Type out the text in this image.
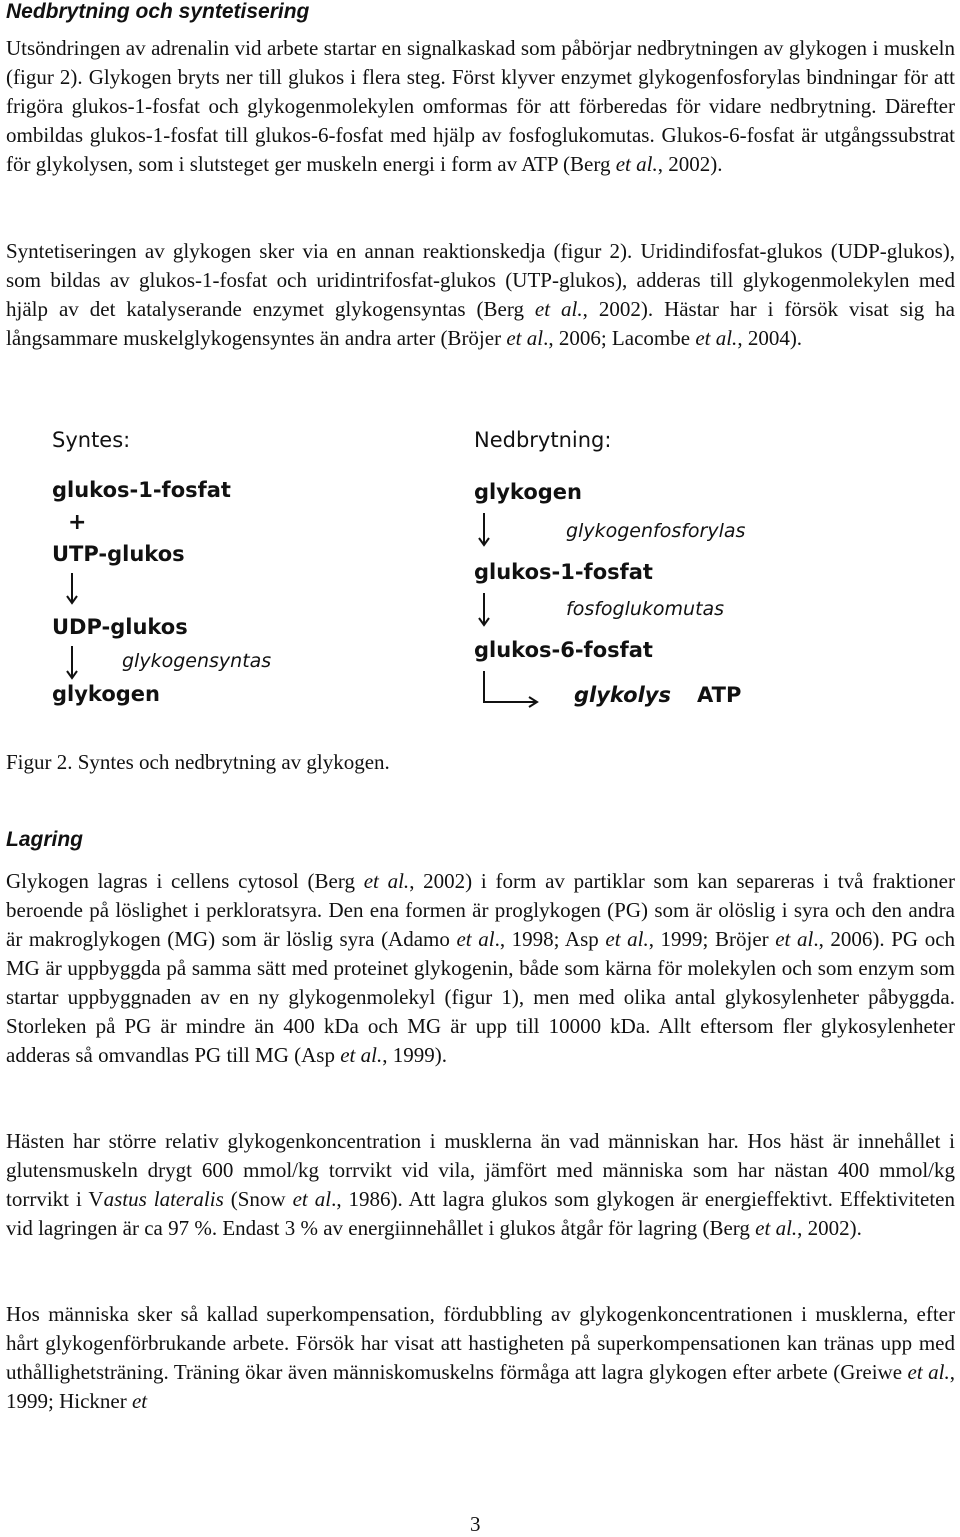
Nedbrytning och syntetisering

Utsöndringen av adrenalin vid arbete startar en signalkaskad som påbörjar nedbrytningen av glykogen i muskeln (figur 2). Glykogen bryts ner till glukos i flera steg. Först klyver enzymet glykogenfosforylas bindningar för att frigöra glukos-1-fosfat och glykogenmolekylen omformas för att förberedas för vidare nedbrytning. Därefter ombildas glukos-1-fosfat till glukos-6-fosfat med hjälp av fosfoglukomutas. Glukos-6-fosfat är utgångssubstrat för glykolysen, som i slutsteget ger muskeln energi i form av ATP (Berg et al., 2002).

Syntetiseringen av glykogen sker via en annan reaktionskedja (figur 2). Uridindifosfat-glukos (UDP-glukos), som bildas av glukos-1-fosfat och uridintrifosfat-glukos (UTP-glukos), adderas till glykogenmolekylen med hjälp av det katalyserande enzymet glykogensyntas (Berg et al., 2002). Hästar har i försök visat sig ha långsammare muskelglykogensyntes än andra arter (Bröjer et al., 2006; Lacombe et al., 2004).

Syntes:
glukos-1-fosfat
+
UTP-glukos
UDP-glukos
glykogensyntas
glykogen
Nedbrytning:
glykogen
glykogenfosforylas
glukos-1-fosfat
fosfoglukomutas
glukos-6-fosfat
glykolys ATP

Figur 2. Syntes och nedbrytning av glykogen.

Lagring

Glykogen lagras i cellens cytosol (Berg et al., 2002) i form av partiklar som kan separeras i två fraktioner beroende på löslighet i perkloratsyra. Den ena formen är proglykogen (PG) som är olöslig i syra och den andra är makroglykogen (MG) som är löslig syra (Adamo et al., 1998; Asp et al., 1999; Bröjer et al., 2006). PG och MG är uppbyggda på samma sätt med proteinet glykogenin, både som kärna för molekylen och som enzym som startar uppbyggnaden av en ny glykogenmolekyl (figur 1), men med olika antal glykosylenheter påbyggda. Storleken på PG är mindre än 400 kDa och MG är upp till 10000 kDa. Allt eftersom fler glykosylenheter adderas så omvandlas PG till MG (Asp et al., 1999).

Hästen har större relativ glykogenkoncentration i musklerna än vad människan har. Hos häst är innehållet i glutensmuskeln drygt 600 mmol/kg torrvikt vid vila, jämfört med människa som har nästan 400 mmol/kg torrvikt i Vastus lateralis (Snow et al., 1986). Att lagra glukos som glykogen är energieffektivt. Effektiviteten vid lagringen är ca 97 %. Endast 3 % av energiinnehållet i glukos åtgår för lagring (Berg et al., 2002).

Hos människa sker så kallad superkompensation, fördubbling av glykogenkoncentrationen i musklerna, efter hårt glykogenförbrukande arbete. Försök har visat att hastigheten på superkompensationen kan tränas upp med uthållighetsträning. Träning ökar även människomuskelns förmåga att lagra glykogen efter arbete (Greiwe et al., 1999; Hickner et

3
